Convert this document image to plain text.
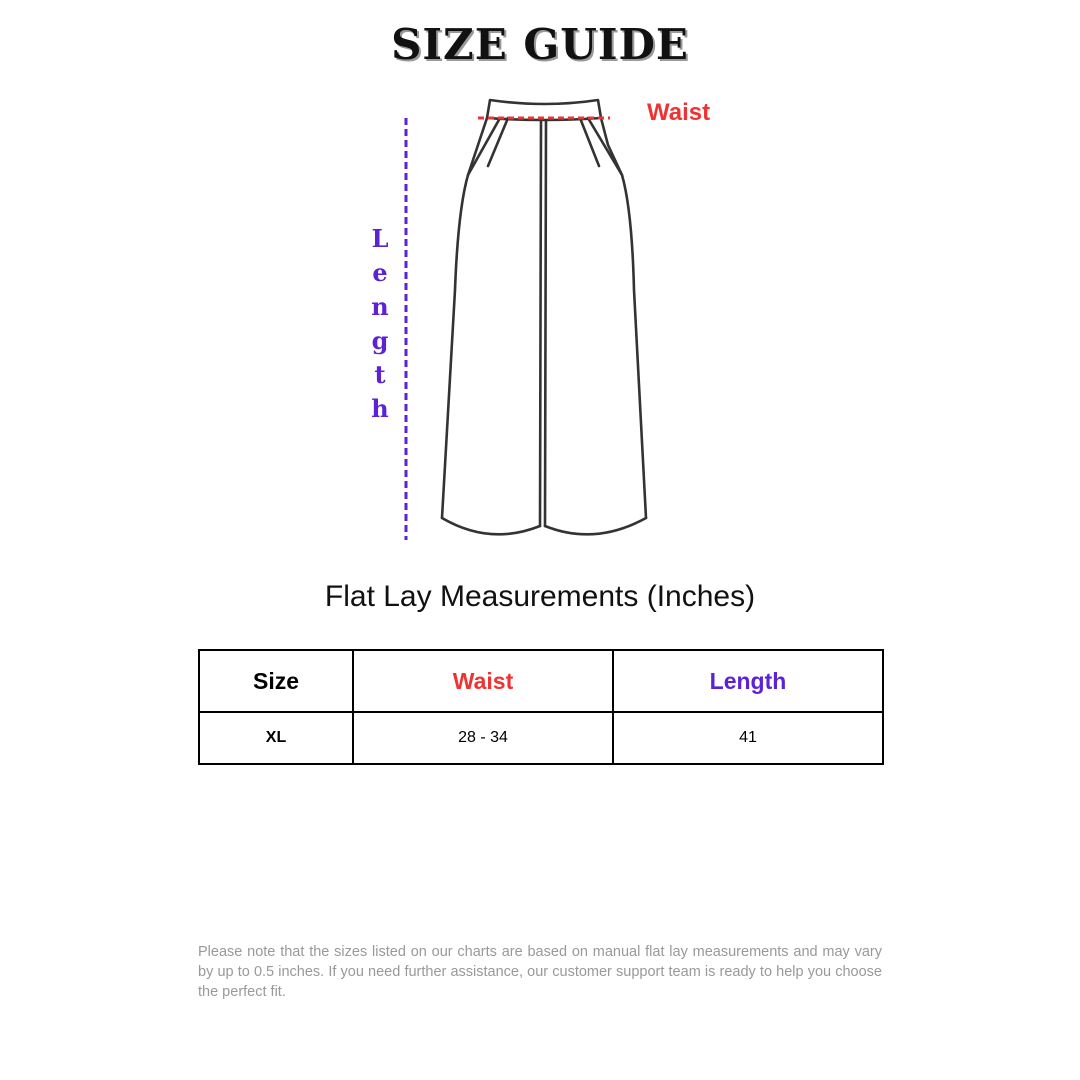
SIZE GUIDE
Waist
Length
Flat Lay Measurements (Inches)
Size	Waist	Length
XL	28 - 34	41
Please note that the sizes listed on our charts are based on manual flat lay measurements and may vary by up to 0.5 inches. If you need further assistance, our customer support team is ready to help you choose the perfect fit.
